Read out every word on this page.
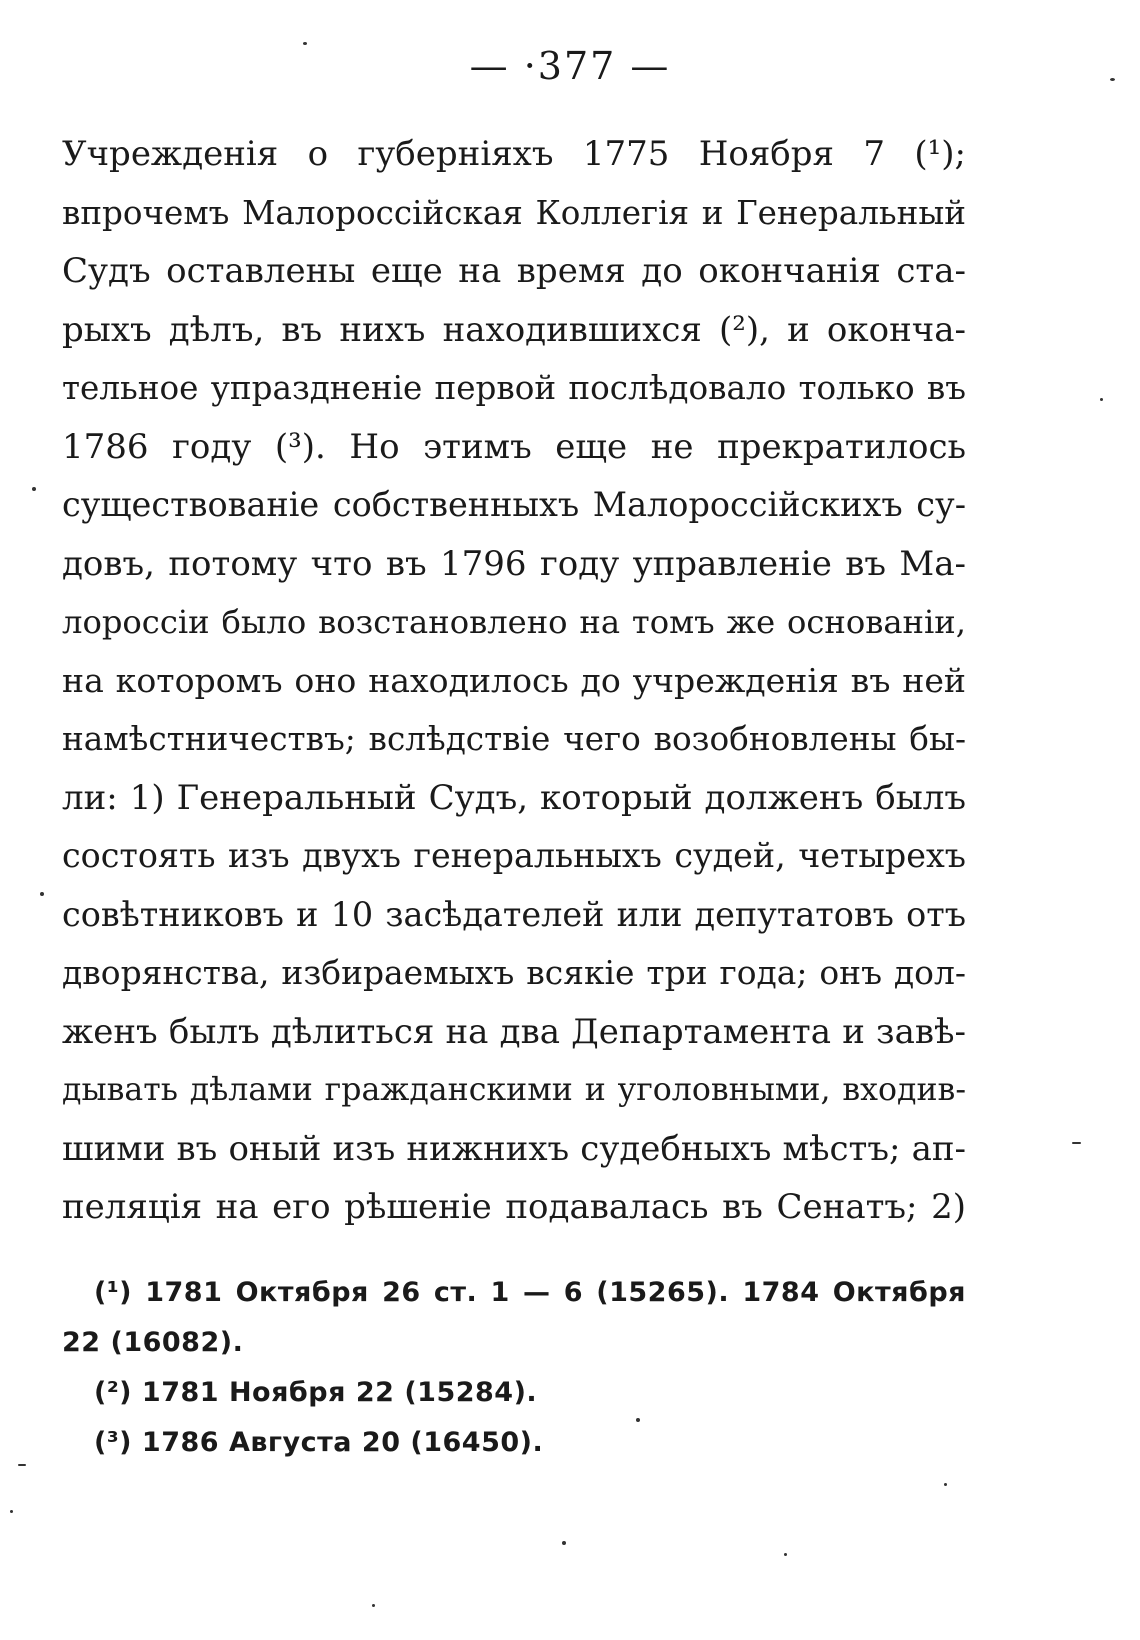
— ·377 —
Учрежденія о губерніяхъ 1775 Ноября 7 (¹);
впрочемъ Малороссійская Коллегія и Генеральный
Судъ оставлены еще на время до окончанія ста-
рыхъ дѣлъ, въ нихъ находившихся (²), и оконча-
тельное упраздненіе первой послѣдовало только въ
1786 году (³). Но этимъ еще не прекратилось
существованіе собственныхъ Малороссійскихъ су-
довъ, потому что въ 1796 году управленіе въ Ма-
лороссіи было возстановлено на томъ же основаніи,
на которомъ оно находилось до учрежденія въ ней
намѣстничествъ; вслѣдствіе чего возобновлены бы-
ли: 1) Генеральный Судъ, который долженъ былъ
состоять изъ двухъ генеральныхъ судей, четырехъ
совѣтниковъ и 10 засѣдателей или депутатовъ отъ
дворянства, избираемыхъ всякіе три года; онъ дол-
женъ былъ дѣлиться на два Департамента и завѣ-
дывать дѣлами гражданскими и уголовными, входив-
шими въ оный изъ нижнихъ судебныхъ мѣстъ; ап-
пеляція на его рѣшеніе подавалась въ Сенатъ; 2)
(¹) 1781 Октября 26 ст. 1 — 6 (15265). 1784 Октября
22 (16082).
(²) 1781 Ноября 22 (15284).
(³) 1786 Августа 20 (16450).
